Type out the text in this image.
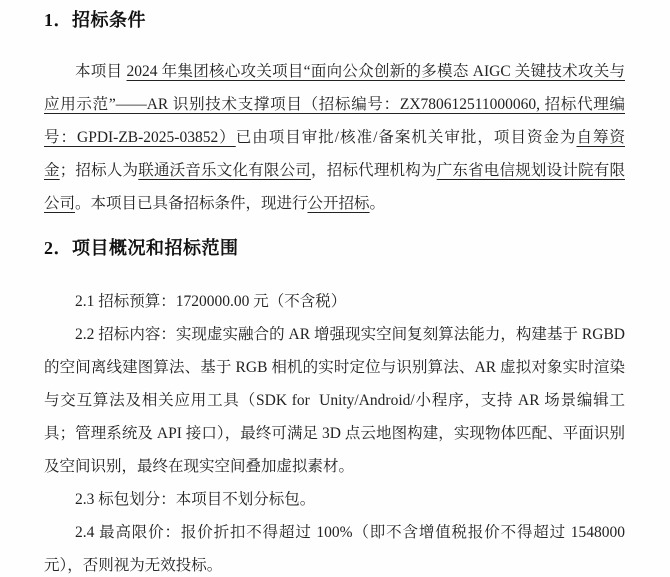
1．招标条件

本项目 2024 年集团核心攻关项目“面向公众创新的多模态 AIGC 关键技术攻关与应用示范”——AR 识别技术支撑项目（招标编号：ZX780612511000060, 招标代理编号：GPDI-ZB-2025-03852）已由项目审批/核准/备案机关审批，项目资金为自筹资金；招标人为联通沃音乐文化有限公司，招标代理机构为广东省电信规划设计院有限公司。本项目已具备招标条件，现进行公开招标。

2．项目概况和招标范围

2.1 招标预算：1720000.00 元（不含税）

2.2 招标内容：实现虚实融合的 AR 增强现实空间复刻算法能力，构建基于 RGBD 的空间离线建图算法、基于 RGB 相机的实时定位与识别算法、AR 虚拟对象实时渲染与交互算法及相关应用工具（SDK for  Unity/Android/小程序，支持 AR 场景编辑工具；管理系统及 API 接口），最终可满足 3D 点云地图构建，实现物体匹配、平面识别及空间识别，最终在现实空间叠加虚拟素材。

2.3 标包划分：本项目不划分标包。

2.4 最高限价：报价折扣不得超过 100%（即不含增值税报价不得超过 1548000 元），否则视为无效投标。
